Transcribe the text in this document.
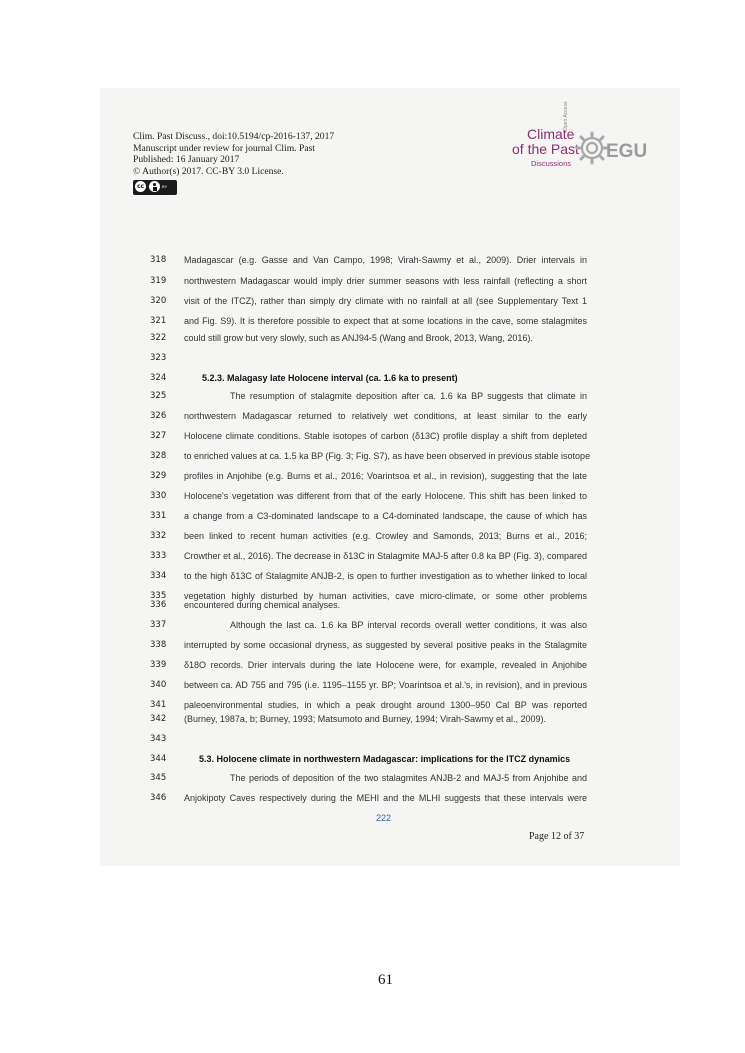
Clim. Past Discuss., doi:10.5194/cp-2016-137, 2017
Manuscript under review for journal Clim. Past
Published: 16 January 2017
© Author(s) 2017. CC-BY 3.0 License.
cc	BY
Climate
of the Past
Discussions
Open Access
EGU
318 Madagascar (e.g. Gasse and Van Campo, 1998; Virah-Sawmy et al., 2009). Drier intervals in
319 northwestern Madagascar would imply drier summer seasons with less rainfall (reflecting a short
320 visit of the ITCZ), rather than simply dry climate with no rainfall at all (see Supplementary Text 1
321 and Fig. S9). It is therefore possible to expect that at some locations in the cave, some stalagmites
322 could still grow but very slowly, such as ANJ94-5 (Wang and Brook, 2013, Wang, 2016).
323
324	5.2.3. Malagasy late Holocene interval (ca. 1.6 ka to present)
325	The resumption of stalagmite deposition after ca. 1.6 ka BP suggests that climate in
326 northwestern Madagascar returned to relatively wet conditions, at least similar to the early
327 Holocene climate conditions. Stable isotopes of carbon (δ13C) profile display a shift from depleted
328 to enriched values at ca. 1.5 ka BP (Fig. 3; Fig. S7), as have been observed in previous stable isotope
329 profiles in Anjohibe (e.g. Burns et al., 2016; Voarintsoa et al., in revision), suggesting that the late
330 Holocene's vegetation was different from that of the early Holocene. This shift has been linked to
331 a change from a C3-dominated landscape to a C4-dominated landscape, the cause of which has
332 been linked to recent human activities (e.g. Crowley and Samonds, 2013; Burns et al., 2016;
333 Crowther et al., 2016). The decrease in δ13C in Stalagmite MAJ-5 after 0.8 ka BP (Fig. 3), compared
334 to the high δ13C of Stalagmite ANJB-2, is open to further investigation as to whether linked to local
335 vegetation highly disturbed by human activities, cave micro-climate, or some other problems
336 encountered during chemical analyses.
337	Although the last ca. 1.6 ka BP interval records overall wetter conditions, it was also
338 interrupted by some occasional dryness, as suggested by several positive peaks in the Stalagmite
339 δ18O records. Drier intervals during the late Holocene were, for example, revealed in Anjohibe
340 between ca. AD 755 and 795 (i.e. 1195–1155 yr. BP; Voarintsoa et al.'s, in revision), and in previous
341 paleoenvironmental studies, in which a peak drought around 1300–950 Cal BP was reported
342 (Burney, 1987a, b; Burney, 1993; Matsumoto and Burney, 1994; Virah-Sawmy et al., 2009).
343
344	5.3. Holocene climate in northwestern Madagascar: implications for the ITCZ dynamics
345	The periods of deposition of the two stalagmites ANJB-2 and MAJ-5 from Anjohibe and
346 Anjokipoty Caves respectively during the MEHI and the MLHI suggests that these intervals were
222
Page 12 of 37
61
